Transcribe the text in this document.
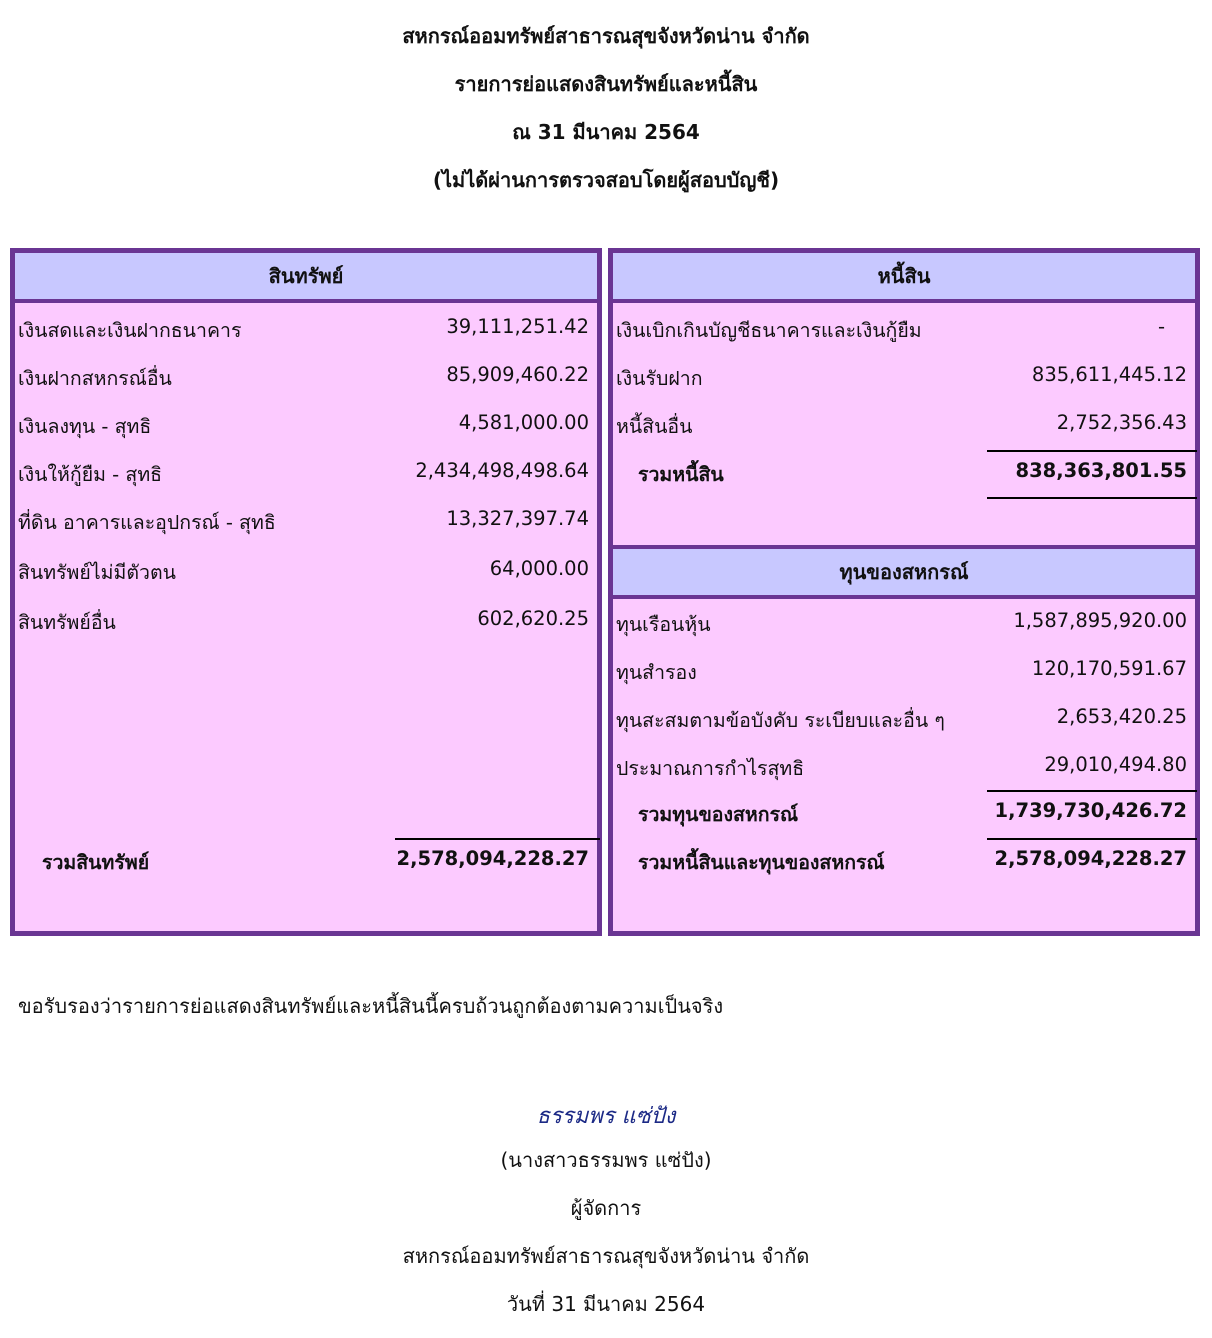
สหกรณ์ออมทรัพย์สาธารณสุขจังหวัดน่าน จำกัด
รายการย่อแสดงสินทรัพย์และหนี้สิน
ณ 31 มีนาคม 2564
(ไม่ได้ผ่านการตรวจสอบโดยผู้สอบบัญชี)
สินทรัพย์
เงินสดและเงินฝากธนาคาร	39,111,251.42
เงินฝากสหกรณ์อื่น	85,909,460.22
เงินลงทุน - สุทธิ	4,581,000.00
เงินให้กู้ยืม - สุทธิ	2,434,498,498.64
ที่ดิน อาคารและอุปกรณ์ - สุทธิ	13,327,397.74
สินทรัพย์ไม่มีตัวตน	64,000.00
สินทรัพย์อื่น	602,620.25
รวมสินทรัพย์	2,578,094,228.27
หนี้สิน
เงินเบิกเกินบัญชีธนาคารและเงินกู้ยืม	-
เงินรับฝาก	835,611,445.12
หนี้สินอื่น	2,752,356.43
รวมหนี้สิน	838,363,801.55
ทุนของสหกรณ์
ทุนเรือนหุ้น	1,587,895,920.00
ทุนสำรอง	120,170,591.67
ทุนสะสมตามข้อบังคับ ระเบียบและอื่น ๆ	2,653,420.25
ประมาณการกำไรสุทธิ	29,010,494.80
รวมทุนของสหกรณ์	1,739,730,426.72
รวมหนี้สินและทุนของสหกรณ์	2,578,094,228.27
ขอรับรองว่ารายการย่อแสดงสินทรัพย์และหนี้สินนี้ครบถ้วนถูกต้องตามความเป็นจริง
ธรรมพร แซ่ปัง
(นางสาวธรรมพร แซ่ปัง)
ผู้จัดการ
สหกรณ์ออมทรัพย์สาธารณสุขจังหวัดน่าน จำกัด
วันที่ 31 มีนาคม 2564
